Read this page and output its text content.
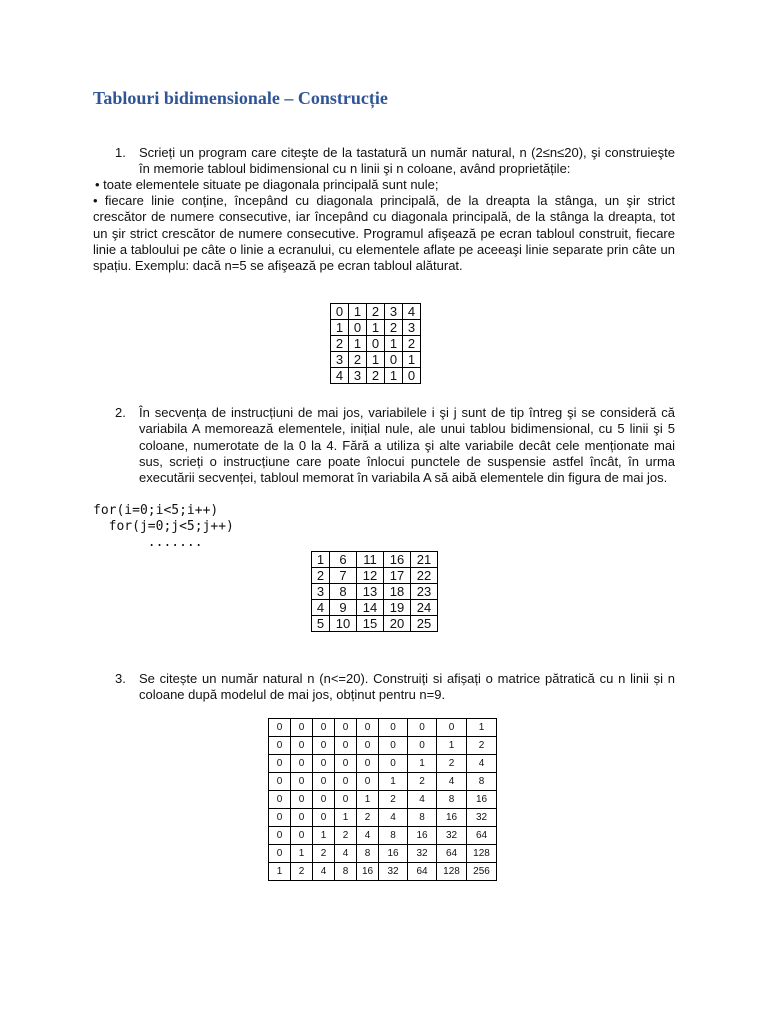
Tablouri bidimensionale – Construcție
1. Scrieți un program care citeşte de la tastatură un număr natural, n (2≤n≤20), şi construieşte în memorie tabloul bidimensional cu n linii şi n coloane, având proprietățile:

• toate elementele situate pe diagonala principală sunt nule;

• fiecare linie conține, începând cu diagonala principală, de la dreapta la stânga, un şir strict crescător de numere consecutive, iar începând cu diagonala principală, de la stânga la dreapta, tot un şir strict crescător de numere consecutive. Programul afişează pe ecran tabloul construit, fiecare linie a tabloului pe câte o linie a ecranului, cu elementele aflate pe aceeaşi linie separate prin câte un spațiu. Exemplu: dacă n=5 se afişează pe ecran tabloul alăturat.

0	1	2	3	4
1	0	1	2	3
2	1	0	1	2
3	2	1	0	1
4	3	2	1	0
2. În secvența de instrucțiuni de mai jos, variabilele i şi j sunt de tip întreg şi se consideră că variabila A memorează elementele, inițial nule, ale unui tablou bidimensional, cu 5 linii şi 5 coloane, numerotate de la 0 la 4. Fără a utiliza şi alte variabile decât cele menționate mai sus, scrieți o instrucțiune care poate înlocui punctele de suspensie astfel încât, în urma executării secvenței, tabloul memorat în variabila A să aibă elementele din figura de mai jos.

for(i=0;i<5;i++)
for(j=0;j<5;j++)
.......
1	6	11	16	21
2	7	12	17	22
3	8	13	18	23
4	9	14	19	24
5	10	15	20	25
3. Se citește un număr natural n (n<=20). Construiți si afișați o matrice pătratică cu n linii și n coloane după modelul de mai jos, obținut pentru n=9.

0	0	0	0	0	0	0	0	1
0	0	0	0	0	0	0	1	2
0	0	0	0	0	0	1	2	4
0	0	0	0	0	1	2	4	8
0	0	0	0	1	2	4	8	16
0	0	0	1	2	4	8	16	32
0	0	1	2	4	8	16	32	64
0	1	2	4	8	16	32	64	128
1	2	4	8	16	32	64	128	256
